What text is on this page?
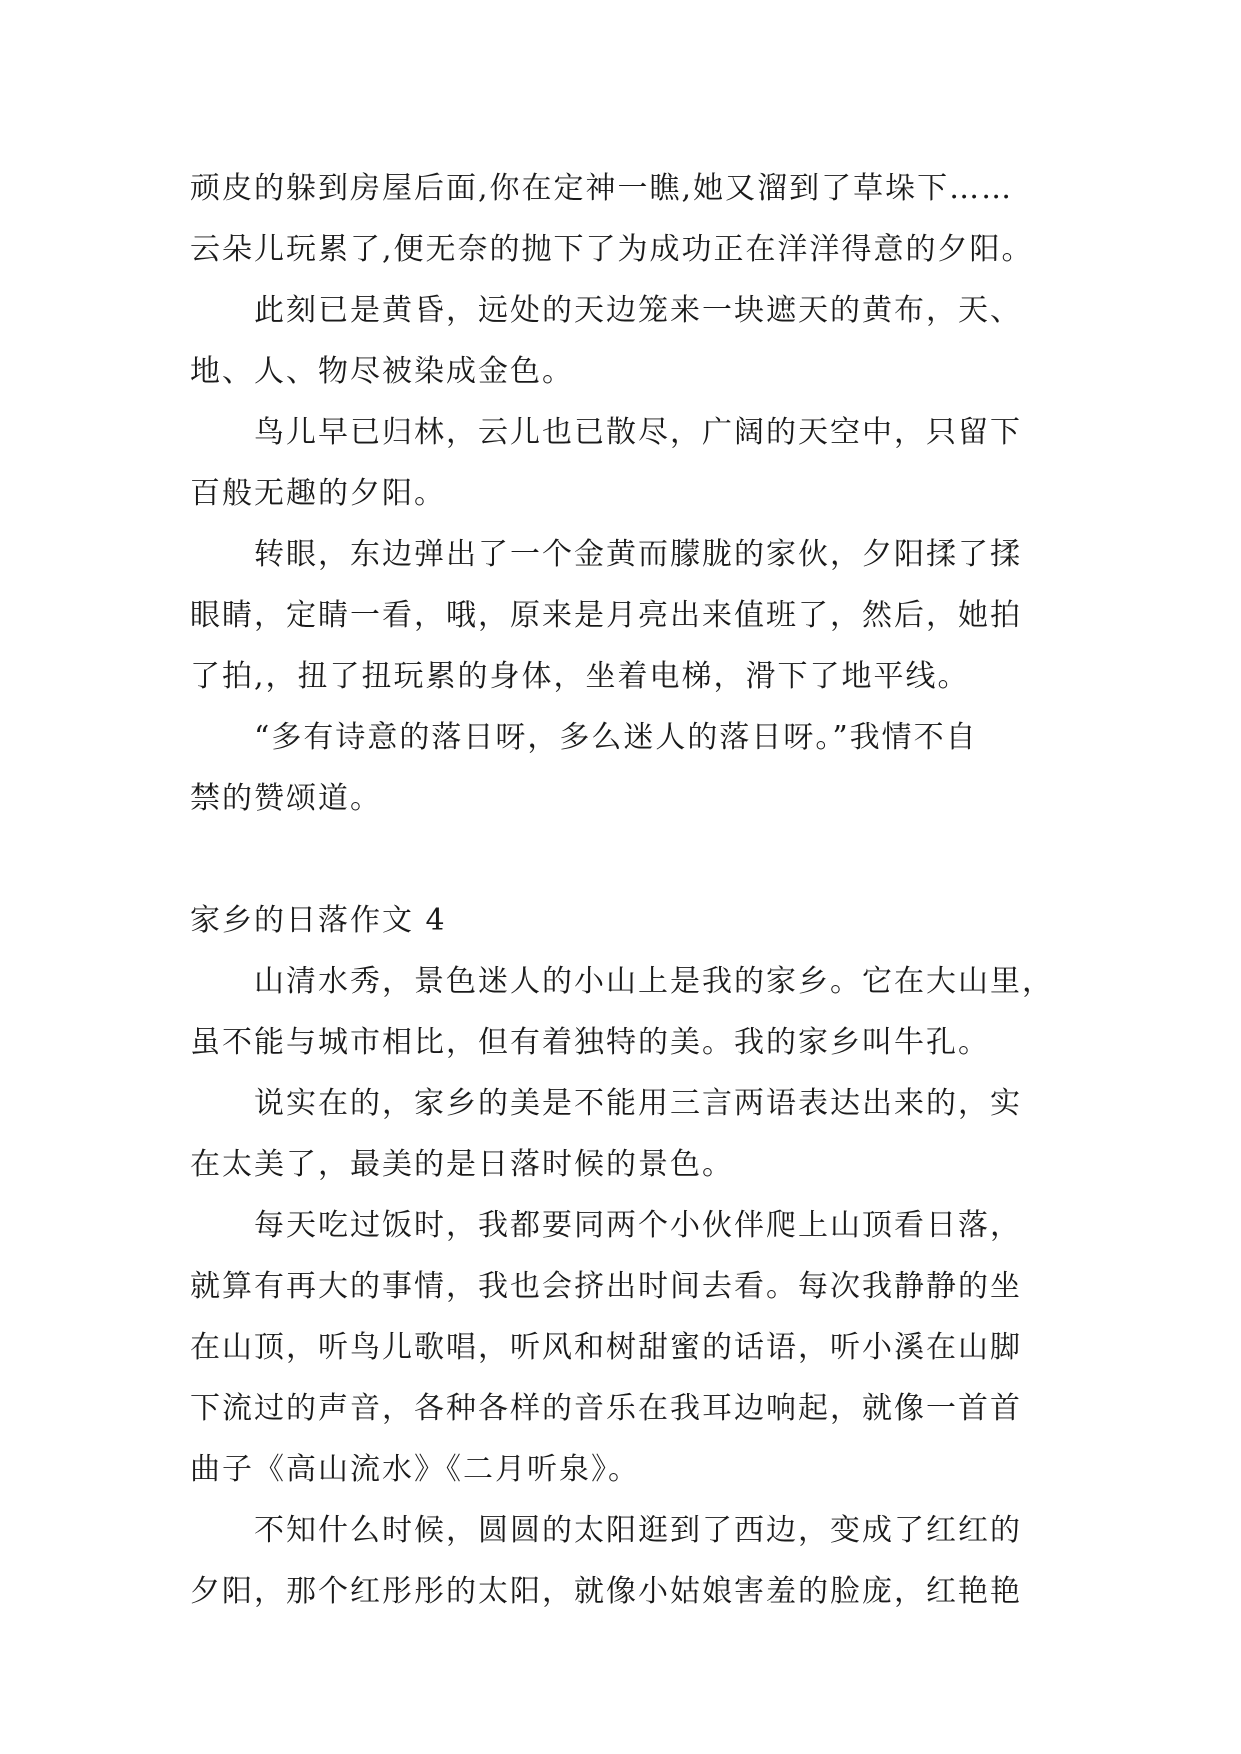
顽皮的躲到房屋后面,你在定神一瞧,她又溜到了草垛下……
云朵儿玩累了,便无奈的抛下了为成功正在洋洋得意的夕阳。
此刻已是黄昏，远处的天边笼来一块遮天的黄布，天、
地、人、物尽被染成金色。
鸟儿早已归林，云儿也已散尽，广阔的天空中，只留下
百般无趣的夕阳。
转眼，东边弹出了一个金黄而朦胧的家伙，夕阳揉了揉
眼睛，定睛一看，哦，原来是月亮出来值班了，然后，她拍
了拍,，扭了扭玩累的身体，坐着电梯，滑下了地平线。
“多有诗意的落日呀，多么迷人的落日呀。”我情不自
禁的赞颂道。
家乡的日落作文 4
山清水秀，景色迷人的小山上是我的家乡。它在大山里，
虽不能与城市相比，但有着独特的美。我的家乡叫牛孔。
说实在的，家乡的美是不能用三言两语表达出来的，实
在太美了，最美的是日落时候的景色。
每天吃过饭时，我都要同两个小伙伴爬上山顶看日落，
就算有再大的事情，我也会挤出时间去看。每次我静静的坐
在山顶，听鸟儿歌唱，听风和树甜蜜的话语，听小溪在山脚
下流过的声音，各种各样的音乐在我耳边响起，就像一首首
曲子《高山流水》《二月听泉》。
不知什么时候，圆圆的太阳逛到了西边，变成了红红的
夕阳，那个红彤彤的太阳，就像小姑娘害羞的脸庞，红艳艳
